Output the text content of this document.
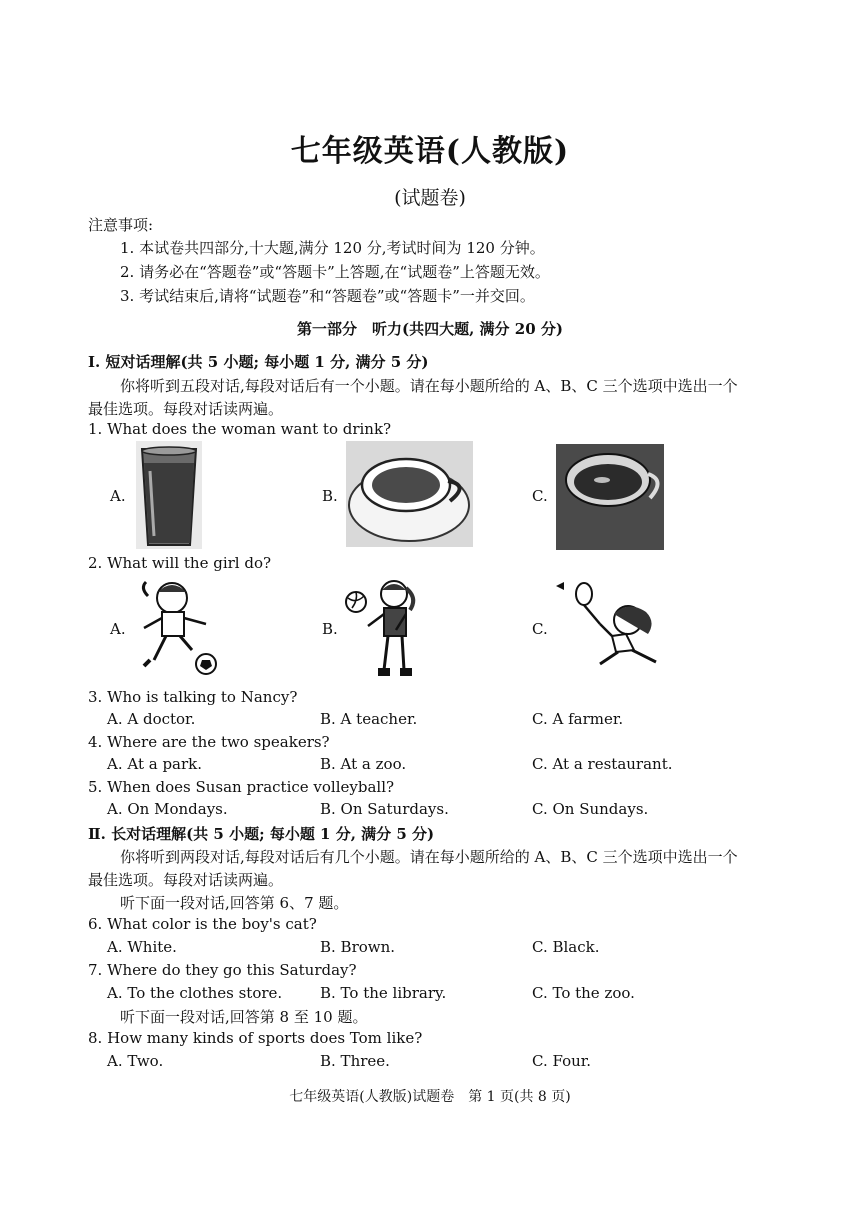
七年级英语(人教版)
(试题卷)
注意事项:
1. 本试卷共四部分,十大题,满分 120 分,考试时间为 120 分钟。
2. 请务必在“答题卷”或“答题卡”上答题,在“试题卷”上答题无效。
3. 考试结束后,请将“试题卷”和“答题卷”或“答题卡”一并交回。
第一部分　听力(共四大题, 满分 20 分)
Ⅰ. 短对话理解(共 5 小题; 每小题 1 分, 满分 5 分)
你将听到五段对话,每段对话后有一个小题。请在每小题所给的 A、B、C 三个选项中选出一个
最佳选项。每段对话读两遍。
1. What does the woman want to drink?
A.	B.	C.
2. What will the girl do?
A.	B.	C.
3. Who is talking to Nancy?
A. A doctor.	B. A teacher.	C. A farmer.
4. Where are the two speakers?
A. At a park.	B. At a zoo.	C. At a restaurant.
5. When does Susan practice volleyball?
A. On Mondays.	B. On Saturdays.	C. On Sundays.
Ⅱ. 长对话理解(共 5 小题; 每小题 1 分, 满分 5 分)
你将听到两段对话,每段对话后有几个小题。请在每小题所给的 A、B、C 三个选项中选出一个
最佳选项。每段对话读两遍。
听下面一段对话,回答第 6、7 题。
6. What color is the boy's cat?
A. White.	B. Brown.	C. Black.
7. Where do they go this Saturday?
A. To the clothes store.	B. To the library.	C. To the zoo.
听下面一段对话,回答第 8 至 10 题。
8. How many kinds of sports does Tom like?
A. Two.	B. Three.	C. Four.
七年级英语(人教版)试题卷　第 1 页(共 8 页)
